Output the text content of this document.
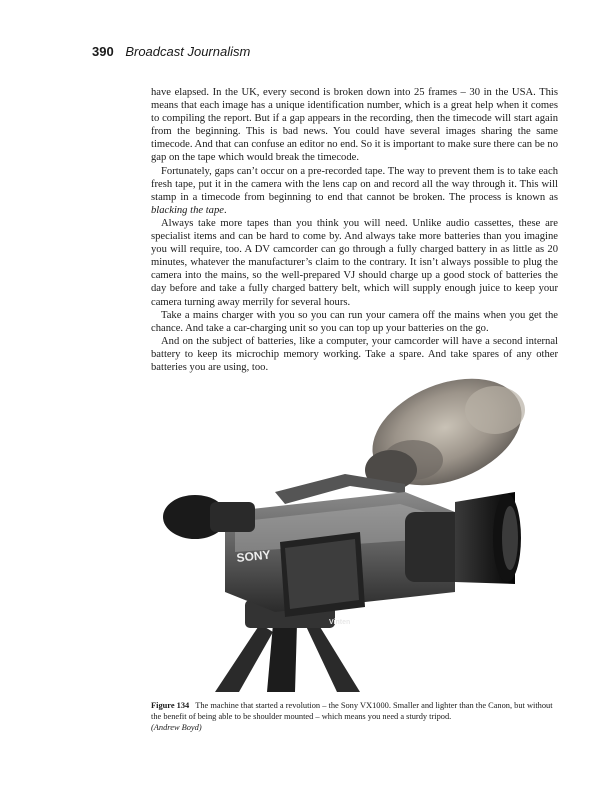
390 Broadcast Journalism

have elapsed. In the UK, every second is broken down into 25 frames – 30 in the USA. This means that each image has a unique identification number, which is a great help when it comes to compiling the report. But if a gap appears in the recording, then the timecode will start again from the beginning. This is bad news. You could have several images sharing the same timecode. And that can confuse an editor no end. So it is important to make sure there can be no gap on the tape which would break the timecode.

Fortunately, gaps can’t occur on a pre-recorded tape. The way to prevent them is to take each fresh tape, put it in the camera with the lens cap on and record all the way through it. This will stamp in a timecode from beginning to end that cannot be broken. The process is known as blacking the tape.

Always take more tapes than you think you will need. Unlike audio cassettes, these are specialist items and can be hard to come by. And always take more batteries than you imagine you will require, too. A DV camcorder can go through a fully charged battery in as little as 20 minutes, whatever the manufacturer’s claim to the contrary. It isn’t always possible to plug the camera into the mains, so the well-prepared VJ should charge up a good stock of batteries the day before and take a fully charged battery belt, which will supply enough juice to keep your camera turning away merrily for several hours.

Take a mains charger with you so you can run your camera off the mains when you get the chance. And take a car-charging unit so you can top up your batteries on the go.

And on the subject of batteries, like a computer, your camcorder will have a second internal battery to keep its microchip memory working. Take a spare. And take spares of any other batteries you are using, too.

Vinten
SONY
Figure 134 The machine that started a revolution – the Sony VX1000. Smaller and lighter than the Canon, but without the benefit of being able to be shoulder mounted – which means you need a sturdy tripod.
(Andrew Boyd)
